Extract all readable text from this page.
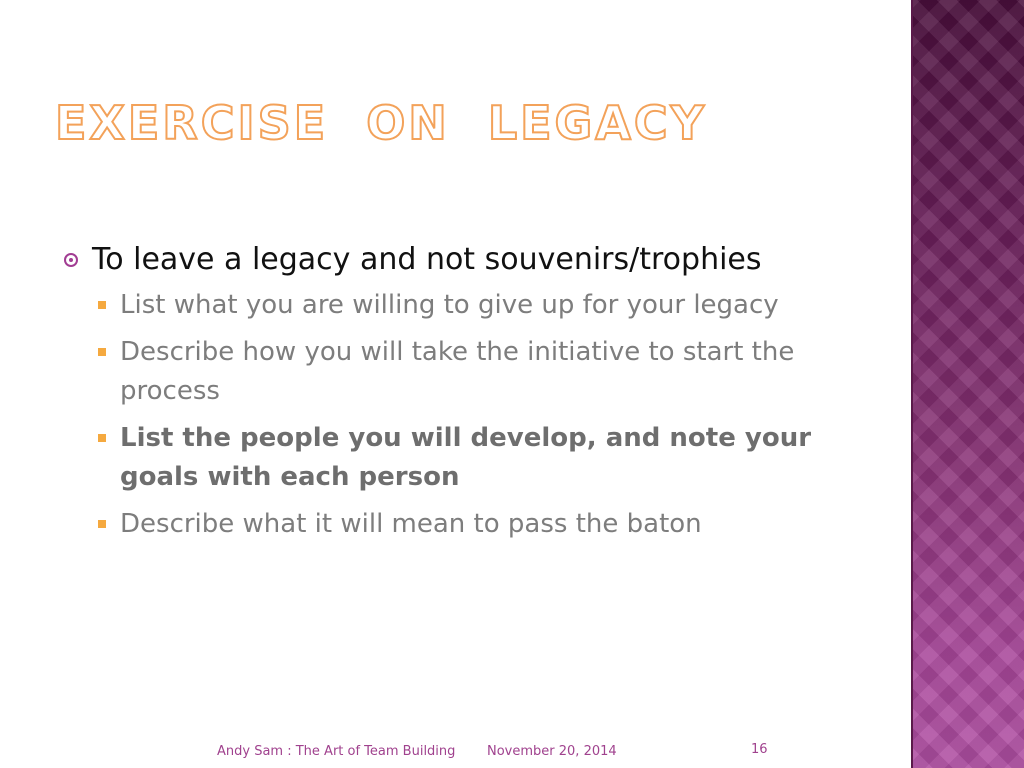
EXERCISE  ON  LEGACY
To leave a legacy and not souvenirs/trophies
List what you are willing to give up for your legacy
Describe how you will take the initiative to start the process
List the people you will develop, and note your goals with each person
Describe what it will mean to pass the baton
Andy Sam : The Art of Team Building November 20, 2014	16
